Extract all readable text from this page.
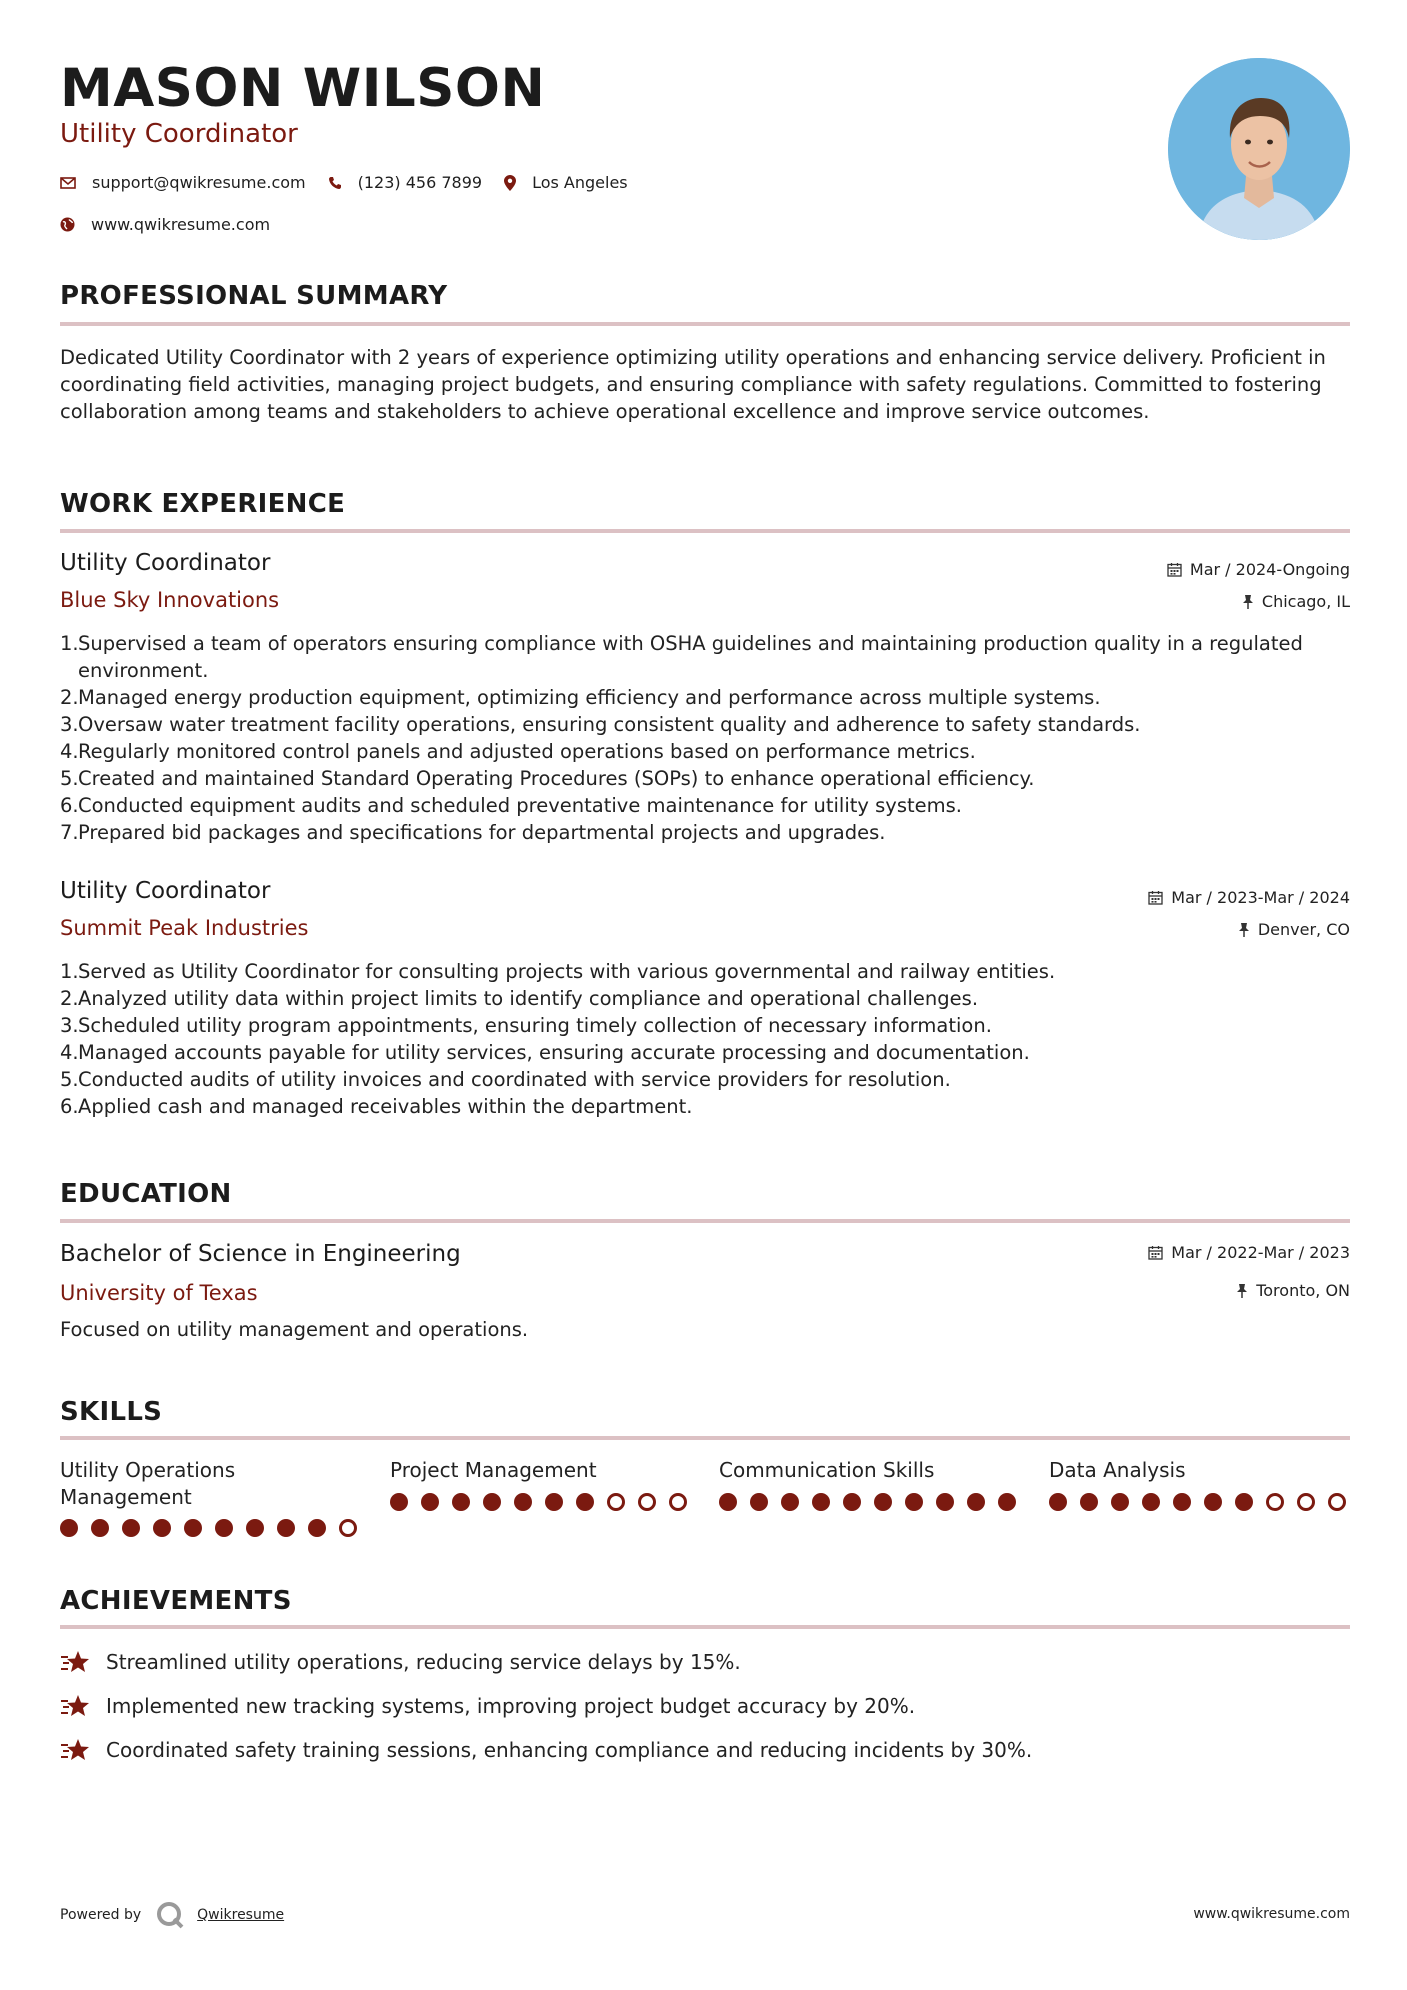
MASON WILSON
Utility Coordinator
support@qwikresume.com	(123) 456 7899	Los Angeles
www.qwikresume.com
PROFESSIONAL SUMMARY
Dedicated Utility Coordinator with 2 years of experience optimizing utility operations and enhancing service delivery. Proficient in coordinating field activities, managing project budgets, and ensuring compliance with safety regulations. Committed to fostering collaboration among teams and stakeholders to achieve operational excellence and improve service outcomes.
WORK EXPERIENCE
Utility Coordinator	Mar / 2024-Ongoing
Blue Sky Innovations	Chicago, IL
1. Supervised a team of operators ensuring compliance with OSHA guidelines and maintaining production quality in a regulated environment.
2. Managed energy production equipment, optimizing efficiency and performance across multiple systems.
3. Oversaw water treatment facility operations, ensuring consistent quality and adherence to safety standards.
4. Regularly monitored control panels and adjusted operations based on performance metrics.
5. Created and maintained Standard Operating Procedures (SOPs) to enhance operational efficiency.
6. Conducted equipment audits and scheduled preventative maintenance for utility systems.
7. Prepared bid packages and specifications for departmental projects and upgrades.
Utility Coordinator	Mar / 2023-Mar / 2024
Summit Peak Industries	Denver, CO
1. Served as Utility Coordinator for consulting projects with various governmental and railway entities.
2. Analyzed utility data within project limits to identify compliance and operational challenges.
3. Scheduled utility program appointments, ensuring timely collection of necessary information.
4. Managed accounts payable for utility services, ensuring accurate processing and documentation.
5. Conducted audits of utility invoices and coordinated with service providers for resolution.
6. Applied cash and managed receivables within the department.
EDUCATION
Bachelor of Science in Engineering	Mar / 2022-Mar / 2023
University of Texas	Toronto, ON
Focused on utility management and operations.
SKILLS
Utility Operations Management
Project Management	Communication Skills	Data Analysis
ACHIEVEMENTS
Streamlined utility operations, reducing service delays by 15%.
Implemented new tracking systems, improving project budget accuracy by 20%.
Coordinated safety training sessions, enhancing compliance and reducing incidents by 30%.
Powered by	Qwikresume	www.qwikresume.com
